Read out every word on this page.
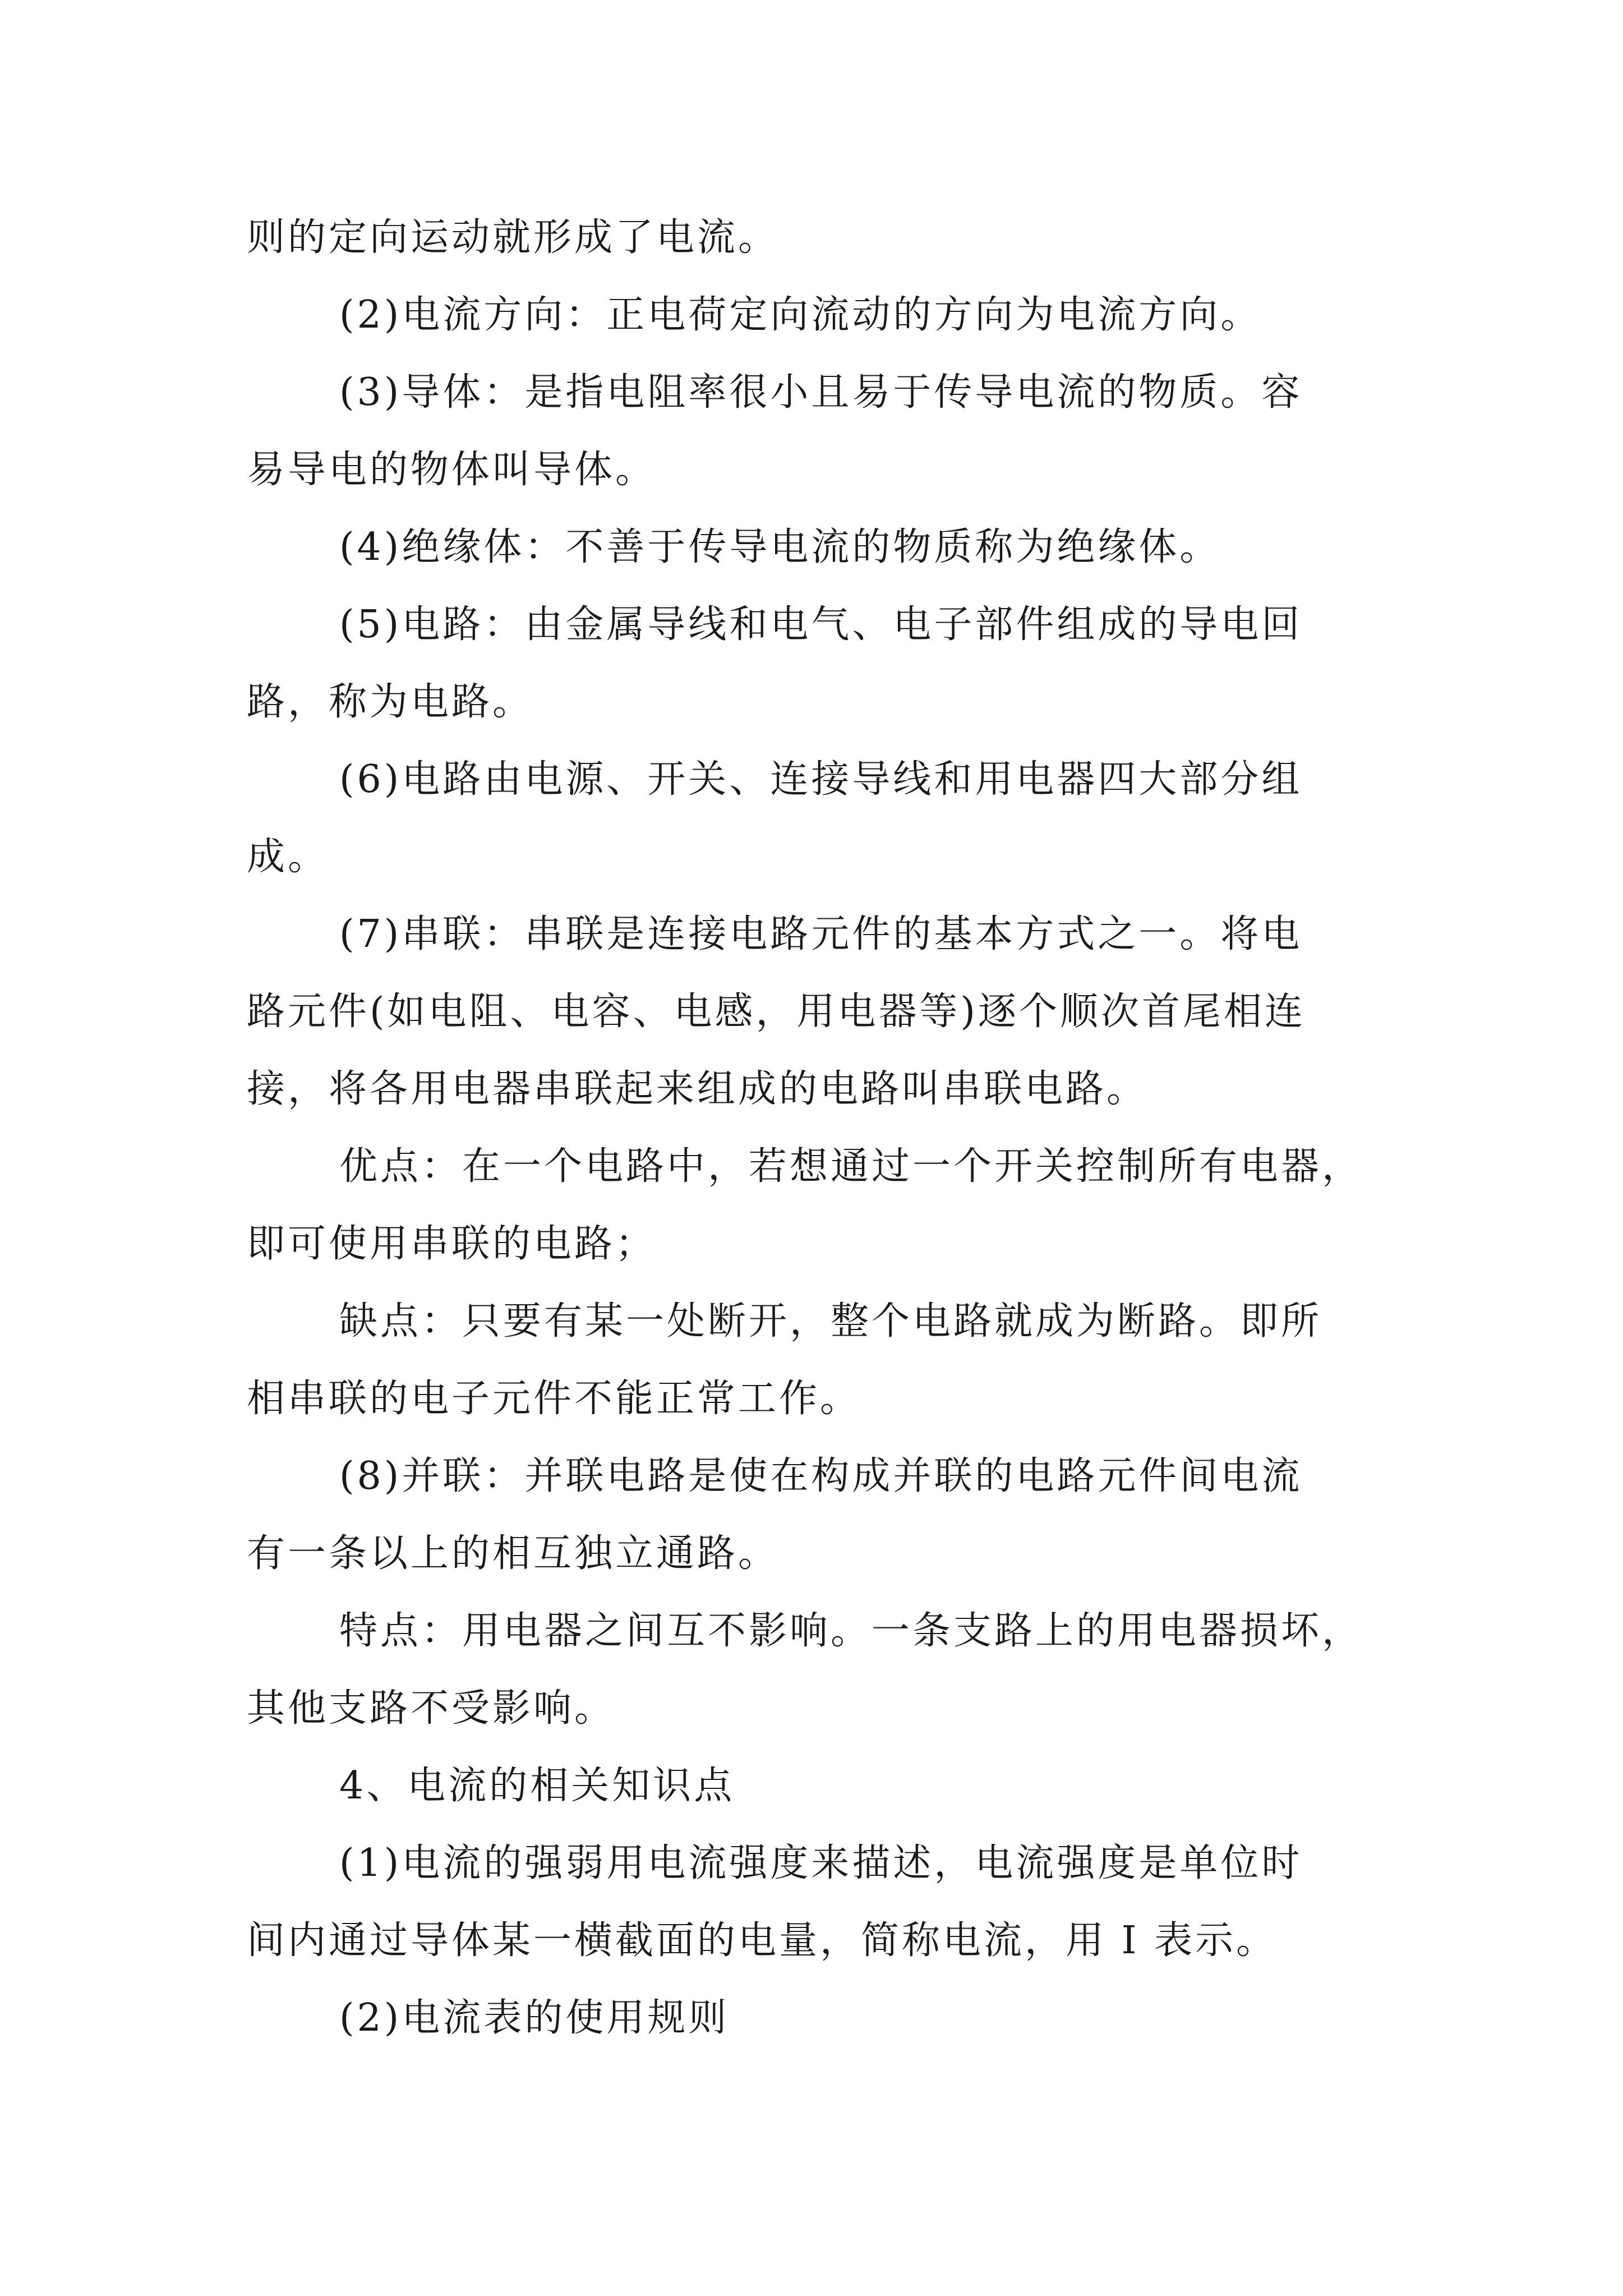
则的定向运动就形成了电流。

(2)电流方向：正电荷定向流动的方向为电流方向。

(3)导体：是指电阻率很小且易于传导电流的物质。容
易导电的物体叫导体。

(4)绝缘体：不善于传导电流的物质称为绝缘体。

(5)电路：由金属导线和电气、电子部件组成的导电回
路，称为电路。

(6)电路由电源、开关、连接导线和用电器四大部分组
成。

(7)串联：串联是连接电路元件的基本方式之一。将电
路元件(如电阻、电容、电感，用电器等)逐个顺次首尾相连
接，将各用电器串联起来组成的电路叫串联电路。

优点：在一个电路中，若想通过一个开关控制所有电器，
即可使用串联的电路；

缺点：只要有某一处断开，整个电路就成为断路。即所
相串联的电子元件不能正常工作。

(8)并联：并联电路是使在构成并联的电路元件间电流
有一条以上的相互独立通路。

特点：用电器之间互不影响。一条支路上的用电器损坏，
其他支路不受影响。

4、电流的相关知识点

(1)电流的强弱用电流强度来描述，电流强度是单位时
间内通过导体某一横截面的电量，简称电流，用 I 表示。

(2)电流表的使用规则
